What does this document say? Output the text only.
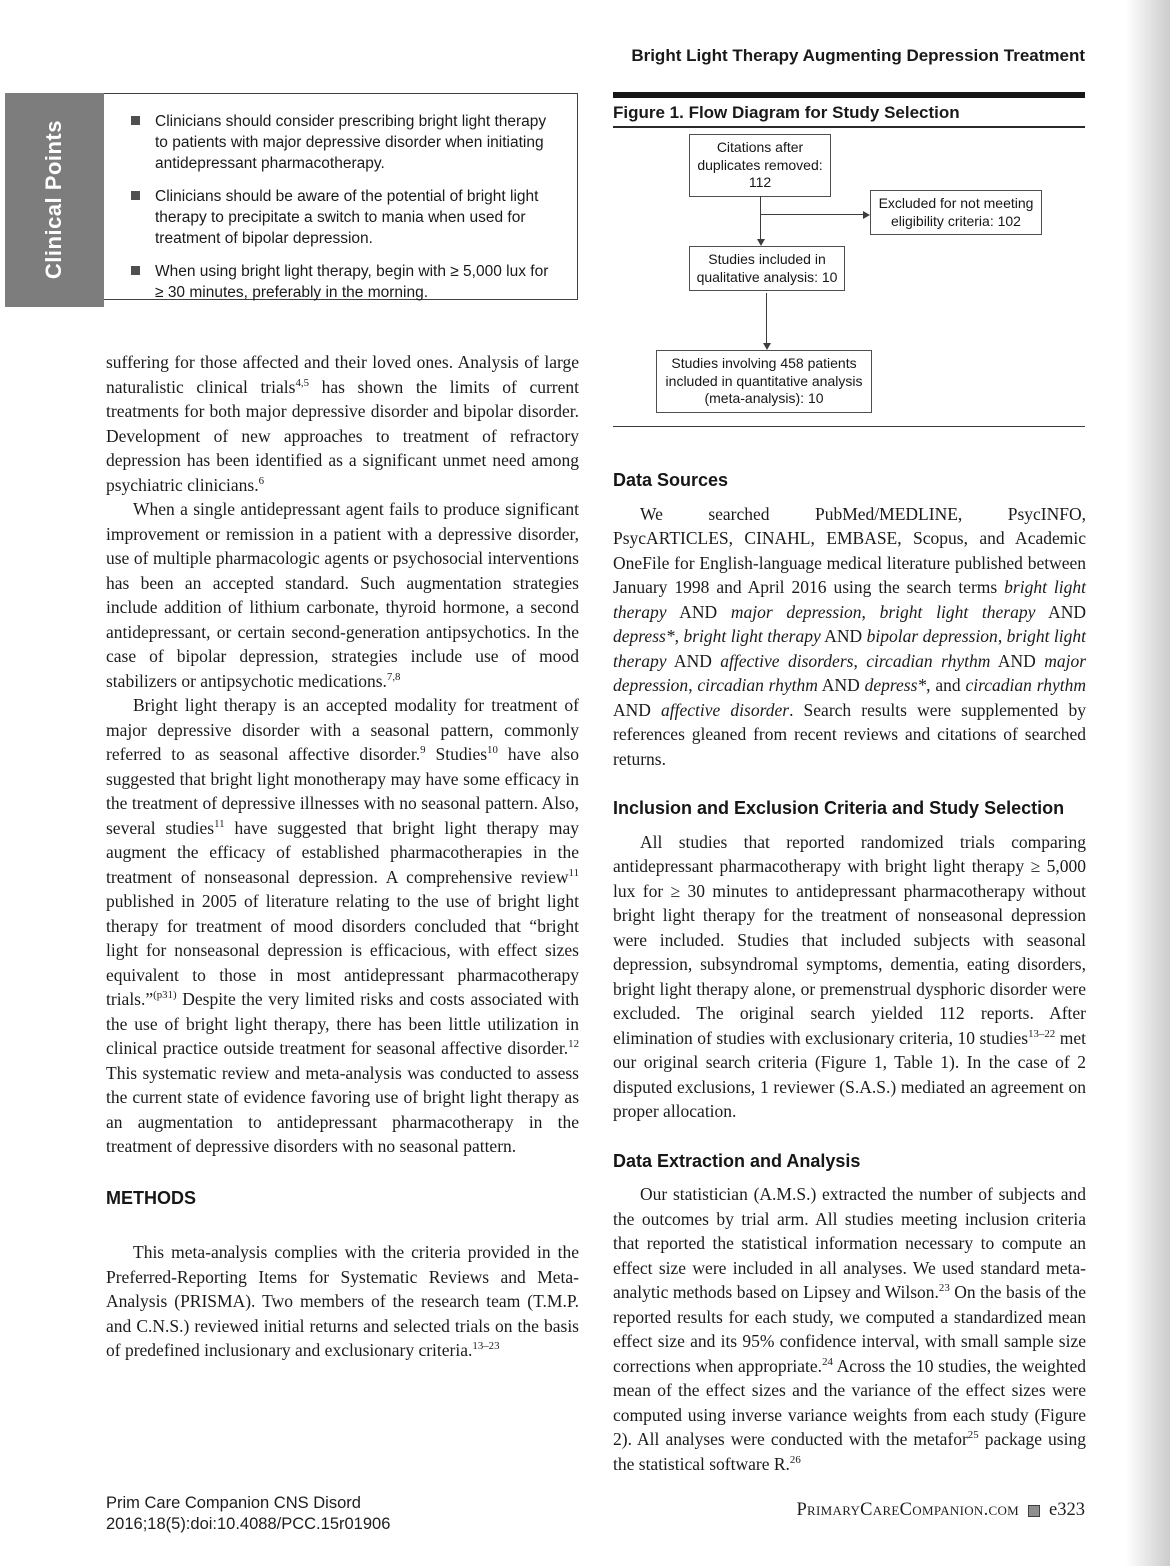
Bright Light Therapy Augmenting Depression Treatment
Clinical Points	Clinicians should consider prescribing bright light therapy to patients with major depressive disorder when initiating antidepressant pharmacotherapy.
Clinicians should be aware of the potential of bright light therapy to precipitate a switch to mania when used for treatment of bipolar depression.
When using bright light therapy, begin with ≥ 5,000 lux for ≥ 30 minutes, preferably in the morning.
Figure 1. Flow Diagram for Study Selection
Citations after duplicates removed: 112
Excluded for not meeting eligibility criteria: 102
Studies included in qualitative analysis: 10
Studies involving 458 patients included in quantitative analysis (meta-analysis): 10

suffering for those affected and their loved ones. Analysis of large naturalistic clinical trials$^{4,5}$ has shown the limits of current treatments for both major depressive disorder and bipolar disorder. Development of new approaches to treatment of refractory depression has been identified as a significant unmet need among psychiatric clinicians.$^6$

When a single antidepressant agent fails to produce significant improvement or remission in a patient with a depressive disorder, use of multiple pharmacologic agents or psychosocial interventions has been an accepted standard. Such augmentation strategies include addition of lithium carbonate, thyroid hormone, a second antidepressant, or certain second-generation antipsychotics. In the case of bipolar depression, strategies include use of mood stabilizers or antipsychotic medications.$^{7,8}$

Bright light therapy is an accepted modality for treatment of major depressive disorder with a seasonal pattern, commonly referred to as seasonal affective disorder.$^9$ Studies$^{10}$ have also suggested that bright light monotherapy may have some efficacy in the treatment of depressive illnesses with no seasonal pattern. Also, several studies$^{11}$ have suggested that bright light therapy may augment the efficacy of established pharmacotherapies in the treatment of nonseasonal depression. A comprehensive review$^{11}$ published in 2005 of literature relating to the use of bright light therapy for treatment of mood disorders concluded that “bright light for nonseasonal depression is efficacious, with effect sizes equivalent to those in most antidepressant pharmacotherapy trials.”$^{(p31)}$ Despite the very limited risks and costs associated with the use of bright light therapy, there has been little utilization in clinical practice outside treatment for seasonal affective disorder.$^{12}$ This systematic review and meta-analysis was conducted to assess the current state of evidence favoring use of bright light therapy as an augmentation to antidepressant pharmacotherapy in the treatment of depressive disorders with no seasonal pattern.

METHODS

This meta-analysis complies with the criteria provided in the Preferred-Reporting Items for Systematic Reviews and Meta-Analysis (PRISMA). Two members of the research team (T.M.P. and C.N.S.) reviewed initial returns and selected trials on the basis of predefined inclusionary and exclusionary criteria.$^{13-23}$

Data Sources

We searched PubMed/MEDLINE, PsycINFO, PsycARTICLES, CINAHL, EMBASE, Scopus, and Academic OneFile for English-language medical literature published between January 1998 and April 2016 using the search terms bright light therapy AND major depression, bright light therapy AND depress*, bright light therapy AND bipolar depression, bright light therapy AND affective disorders, circadian rhythm AND major depression, circadian rhythm AND depress*, and circadian rhythm AND affective disorder. Search results were supplemented by references gleaned from recent reviews and citations of searched returns.

Inclusion and Exclusion Criteria and Study Selection

All studies that reported randomized trials comparing antidepressant pharmacotherapy with bright light therapy ≥ 5,000 lux for ≥ 30 minutes to antidepressant pharmacotherapy without bright light therapy for the treatment of nonseasonal depression were included. Studies that included subjects with seasonal depression, subsyndromal symptoms, dementia, eating disorders, bright light therapy alone, or premenstrual dysphoric disorder were excluded. The original search yielded 112 reports. After elimination of studies with exclusionary criteria, 10 studies$^{13-22}$ met our original search criteria (Figure 1, Table 1). In the case of 2 disputed exclusions, 1 reviewer (S.A.S.) mediated an agreement on proper allocation.

Data Extraction and Analysis

Our statistician (A.M.S.) extracted the number of subjects and the outcomes by trial arm. All studies meeting inclusion criteria that reported the statistical information necessary to compute an effect size were included in all analyses. We used standard meta-analytic methods based on Lipsey and Wilson.$^{23}$ On the basis of the reported results for each study, we computed a standardized mean effect size and its 95% confidence interval, with small sample size corrections when appropriate.$^{24}$ Across the 10 studies, the weighted mean of the effect sizes and the variance of the effect sizes were computed using inverse variance weights from each study (Figure 2). All analyses were conducted with the metafor$^{25}$ package using the statistical software R.$^{26}$

Prim Care Companion CNS Disord
2016;18(5):doi:10.4088/PCC.15r01906
PrimaryCareCompanion.com e323
